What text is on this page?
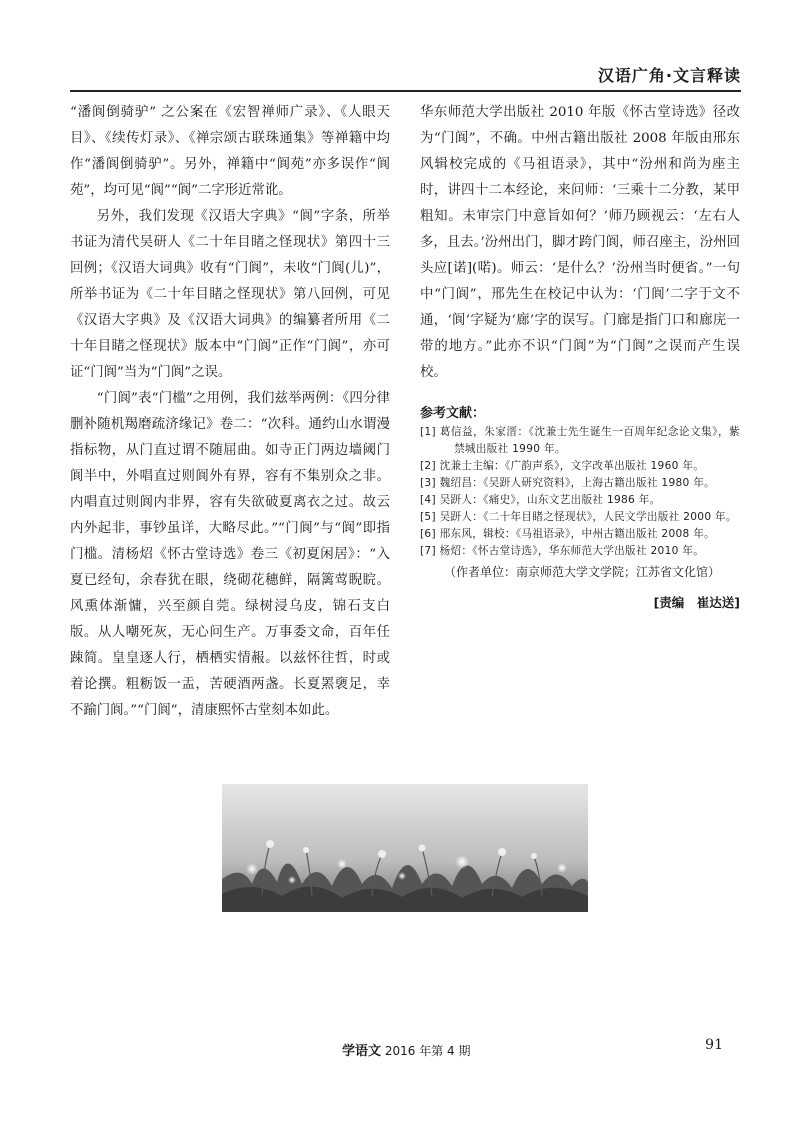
汉语广角·文言释读

“潘阆倒骑驴” 之公案在《宏智禅师广录》、《人眼天目》、《续传灯录》、《禅宗颂古联珠通集》等禅籍中均作“潘阆倒骑驴”。另外，禅籍中“阆苑”亦多误作“阆苑”，均可见“阆”“阆”二字形近常讹。

另外，我们发现《汉语大字典》“阆”字条，所举书证为清代吴研人《二十年目睹之怪现状》第四十三回例；《汉语大词典》收有“门阆”，未收“门阆(儿)”，所举书证为《二十年目睹之怪现状》第八回例，可见《汉语大字典》及《汉语大词典》的编纂者所用《二十年目睹之怪现状》版本中“门阆”正作“门阆”，亦可证“门阆”当为“门阆”之误。

“门阆”表“门槛”之用例，我们兹举两例：《四分律删补随机羯磨疏济缘记》卷二：“次科。通约山水谓漫指标物，从门直过谓不随屈曲。如寺正门两边墙阈门阆半中，外唱直过则阆外有界，容有不集别众之非。内唱直过则阆内非界，容有失欲破夏离衣之过。故云内外起非，事钞虽详，大略尽此。”“门阆”与“阆”即指门槛。清杨炤《怀古堂诗选》卷三《初夏闲居》：“入夏已经旬，余春犹在眼，绕砌花穗鲜，隔篱莺睨睆。风熏体渐慵，兴至颜自莞。绿树浸乌皮，锦石支白版。从人嘲死灰，无心问生产。万事委文命，百年任踈简。皇皇逐人行，栖栖实情赧。以兹怀往哲，时或着论撰。粗粝饭一盂，苦硬酒两盏。长夏罴褏足，幸不踰门阆。”“门阆”，清康熙怀古堂刻本如此。

华东师范大学出版社 2010 年版《怀古堂诗选》径改为“门阆”，不确。中州古籍出版社 2008 年版由邢东风辑校完成的《马祖语录》，其中“汾州和尚为座主时，讲四十二本经论，来问师：‘三乘十二分教，某甲粗知。未审宗门中意旨如何？’师乃顾视云：‘左右人多，且去。’汾州出门，脚才跨门阆，师召座主，汾州回头应[诺](喏)。师云：‘是什么？’汾州当时便省。”一句中“门阆”，邢先生在校记中认为：‘门阆’二字于文不通，‘阆’字疑为‘廊’字的误写。门廊是指门口和廊庑一带的地方。”此亦不识“门阆”为“门阆”之误而产生误校。

参考文献：
[1] 葛信益，朱家溍：《沈兼士先生诞生一百周年纪念论文集》，紫禁城出版社 1990 年。
[2] 沈兼士主编：《广韵声系》，文字改革出版社 1960 年。
[3] 魏绍昌：《吴趼人研究资料》，上海古籍出版社 1980 年。
[4] 吴趼人：《痛史》，山东文艺出版社 1986 年。
[5] 吴趼人：《二十年目睹之怪现状》，人民文学出版社 2000 年。
[6] 邢东风，辑校：《马祖语录》，中州古籍出版社 2008 年。
[7] 杨炤：《怀古堂诗选》，华东师范大学出版社 2010 年。
（作者单位：南京师范大学文学院；江苏省文化馆）
[责编　崔达送]
学语文 2016 年第 4 期	91
